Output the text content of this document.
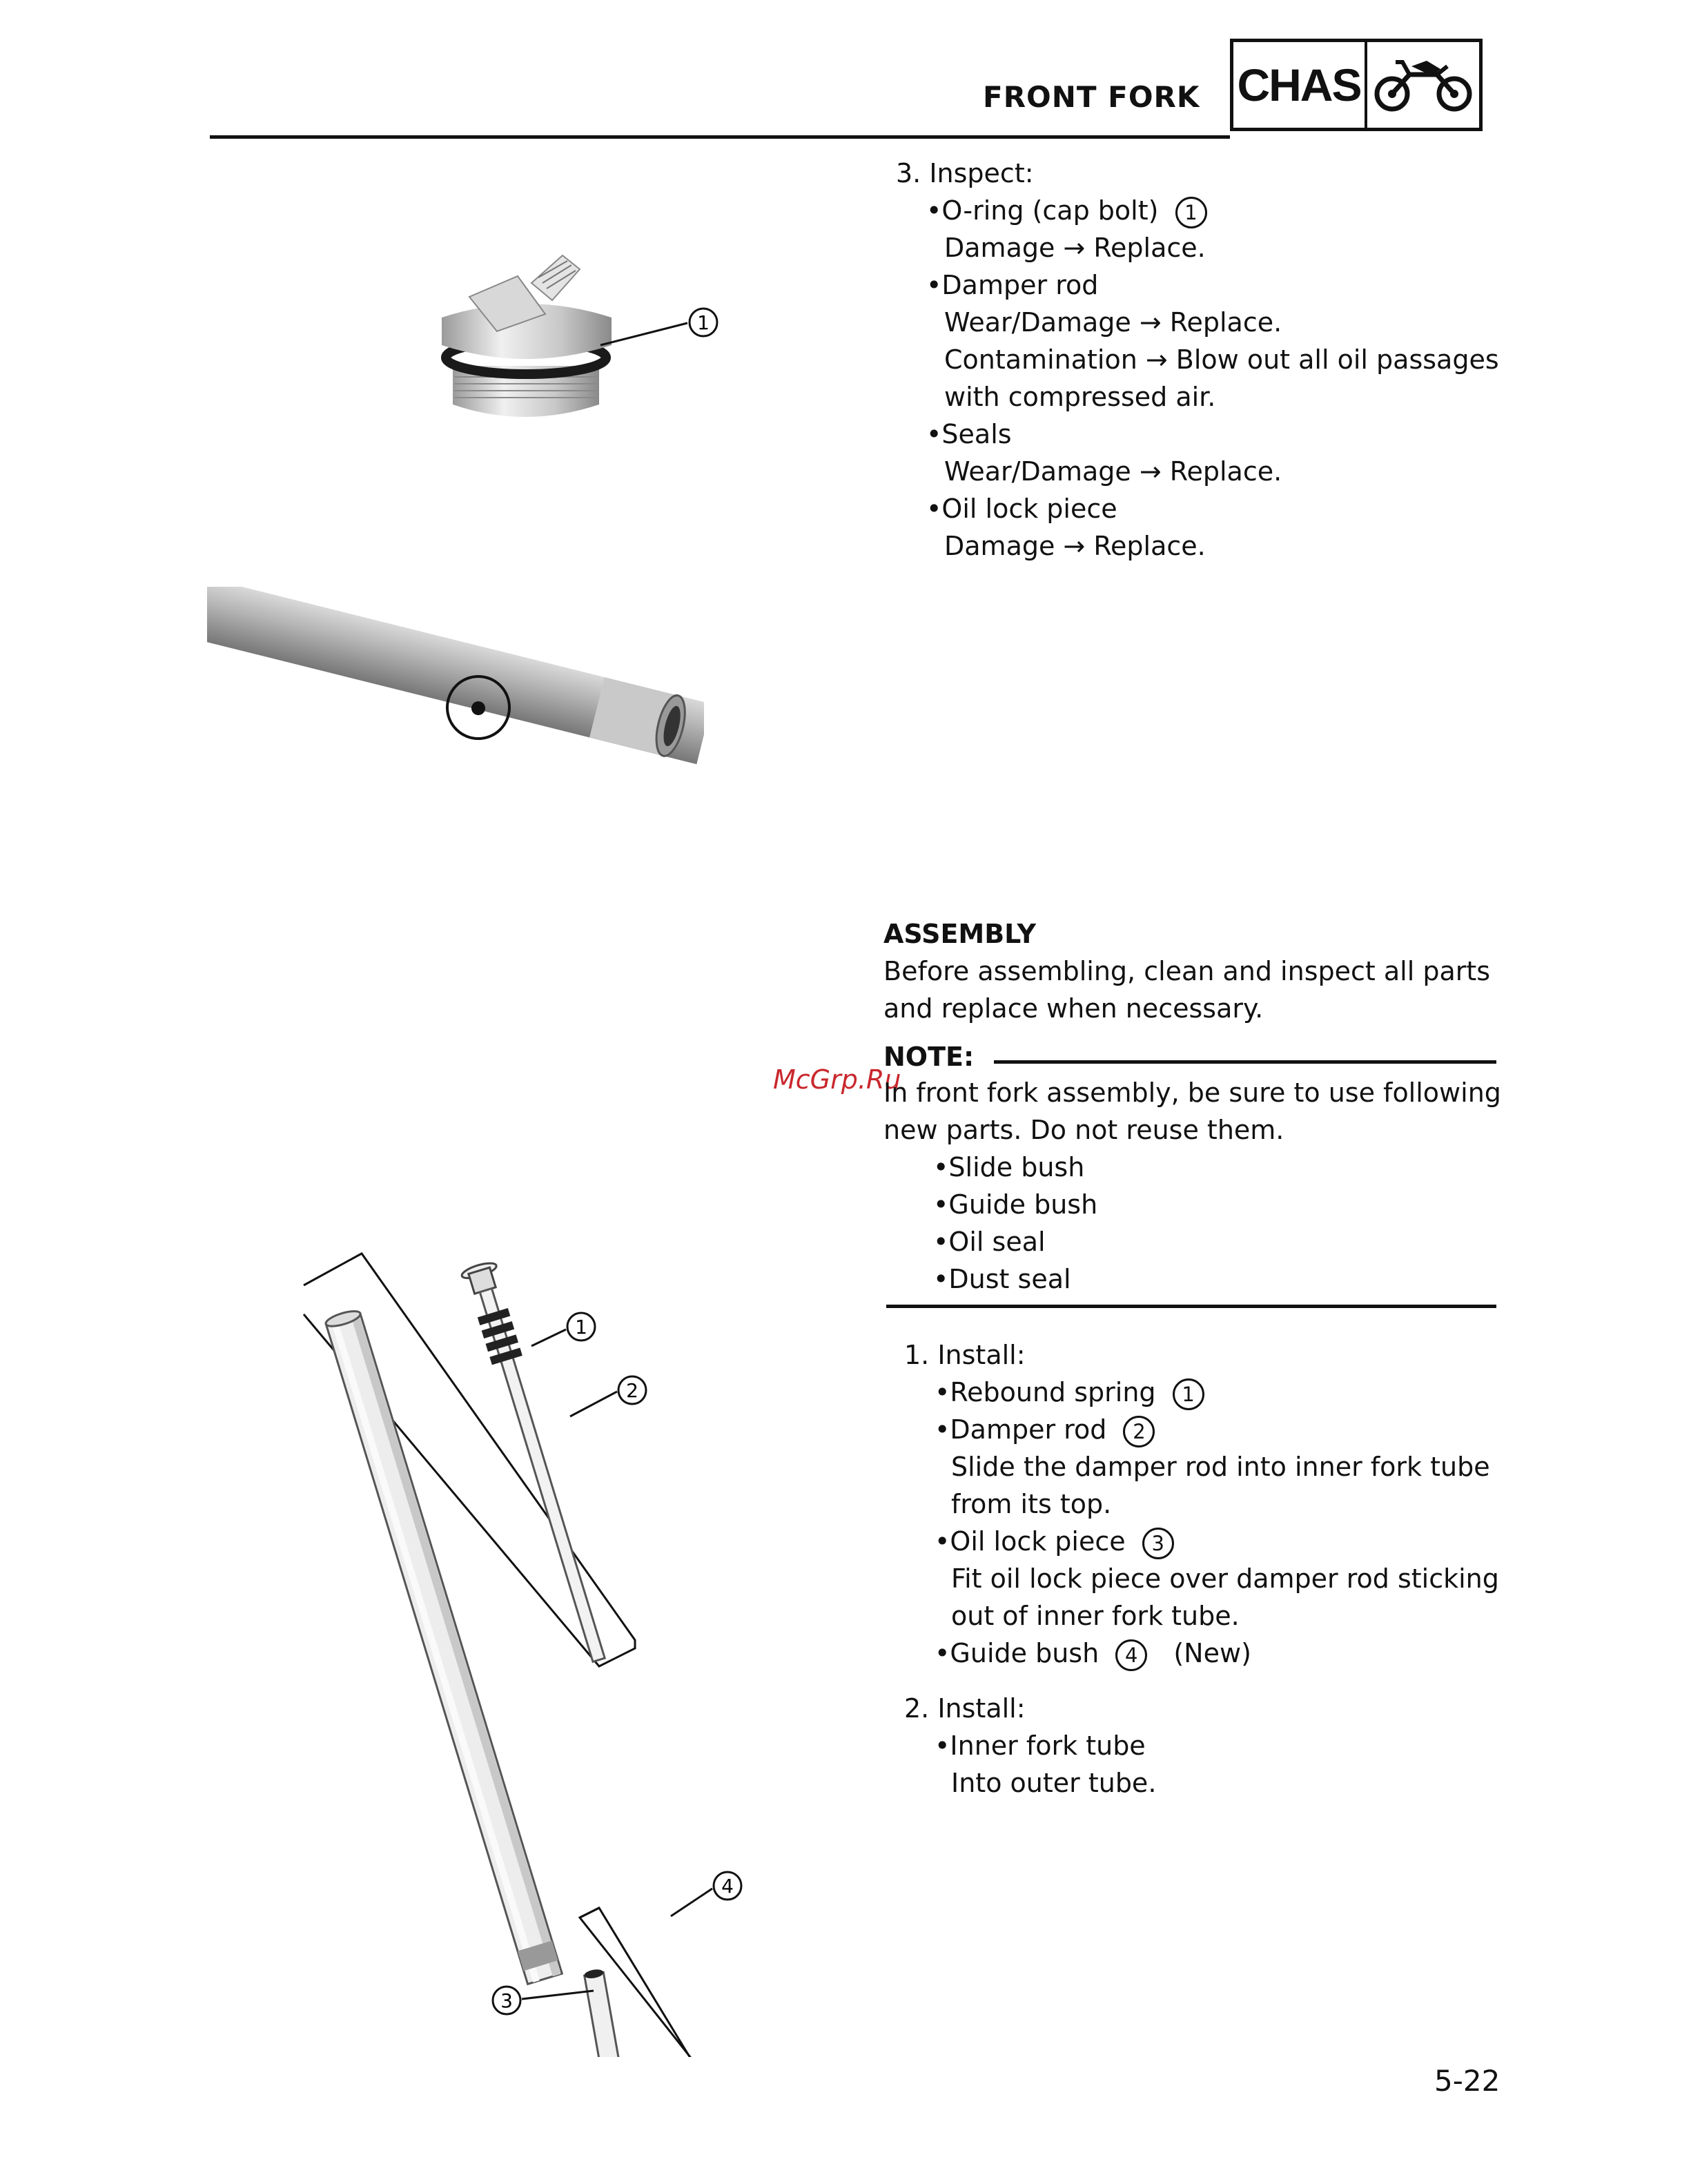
FRONT FORK CHAS
1
1
2
3
4
3. Inspect:
•O-ring (cap bolt) 1
Damage → Replace.
•Damper rod
Wear/Damage → Replace.
Contamination → Blow out all oil passages
with compressed air.
•Seals
Wear/Damage → Replace.
•Oil lock piece
Damage → Replace.
ASSEMBLY
Before assembling, clean and inspect all parts
and replace when necessary.
NOTE:
McGrp.Ru
In front fork assembly, be sure to use following
new parts. Do not reuse them.
•Slide bush
•Guide bush
•Oil seal
•Dust seal
1. Install:
•Rebound spring 1
•Damper rod 2
Slide the damper rod into inner fork tube
from its top.
•Oil lock piece 3
Fit oil lock piece over damper rod sticking
out of inner fork tube.
•Guide bush 4 (New)
2. Install:
•Inner fork tube
Into outer tube.
5-22
